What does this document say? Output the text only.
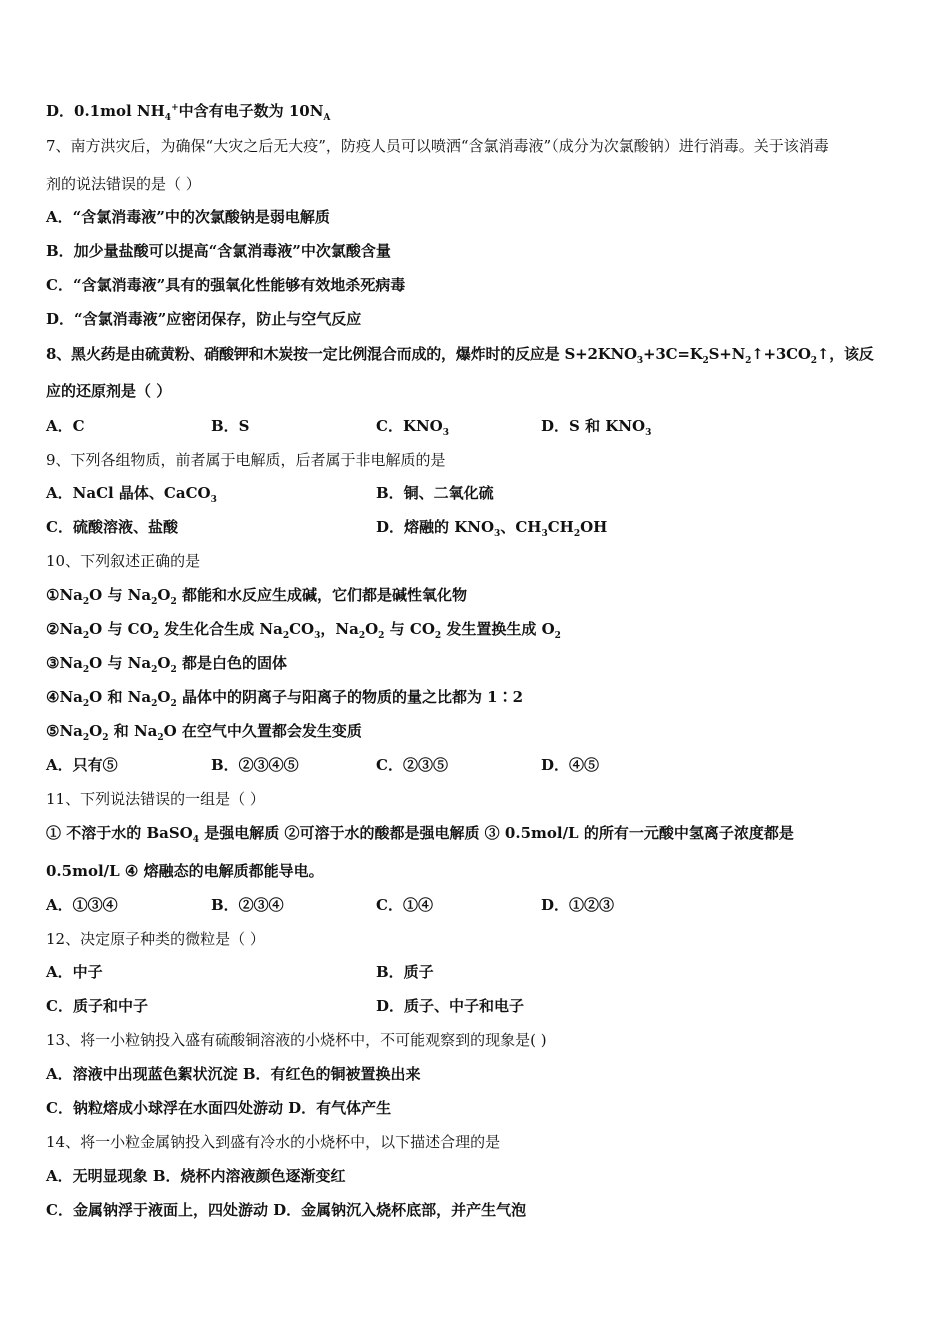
D．0.1mol $NH_4^+$中含有电子数为 $10N_A$
7、南方洪灾后，为确保“大灾之后无大疫”，防疫人员可以喷洒“含氯消毒液”（成分为次氯酸钠）进行消毒。关于该消毒
剂的说法错误的是（ ）
A．“含氯消毒液”中的次氯酸钠是弱电解质
B．加少量盐酸可以提高“含氯消毒液”中次氯酸含量
C．“含氯消毒液”具有的强氧化性能够有效地杀死病毒
D．“含氯消毒液”应密闭保存，防止与空气反应
8、黑火药是由硫黄粉、硝酸钾和木炭按一定比例混合而成的，爆炸时的反应是 $S+2KNO_3+3C=K_2S+N_2↑+3CO_2↑$，该反
应的还原剂是（ ）
A．C	B．S	C．$KNO_3$	D．S 和 $KNO_3$
9、下列各组物质，前者属于电解质，后者属于非电解质的是
A．NaCl 晶体、CaCO$_3$	B．铜、二氧化硫
C．硫酸溶液、盐酸	D．熔融的 $KNO_3$、$CH_3CH_2OH$
10、下列叙述正确的是
$①Na_2O$ 与 $Na_2O_2$ 都能和水反应生成碱，它们都是碱性氧化物
$②Na_2O$ 与 $CO_2$ 发生化合生成 $Na_2CO_3$，$Na_2O_2$ 与 $CO_2$ 发生置换生成 $O_2$
$③Na_2O$ 与 $Na_2O_2$ 都是白色的固体
$④Na_2O$ 和 $Na_2O_2$ 晶体中的阴离子与阳离子的物质的量之比都为 1∶2
$⑤Na_2O_2$ 和 $Na_2O$ 在空气中久置都会发生变质
A．只有⑤	B．②③④⑤	C．②③⑤	D．④⑤
11、下列说法错误的一组是（ ）
① 不溶于水的 BaSO$_4$ 是强电解质 ②可溶于水的酸都是强电解质 ③ 0.5mol/L 的所有一元酸中氢离子浓度都是
0.5mol/L ④ 熔融态的电解质都能导电。
A．①③④	B．②③④	C．①④	D．①②③
12、决定原子种类的微粒是（ ）
A．中子	B．质子
C．质子和中子	D．质子、中子和电子
13、将一小粒钠投入盛有硫酸铜溶液的小烧杯中，不可能观察到的现象是( )
A．溶液中出现蓝色絮状沉淀 B．有红色的铜被置换出来
C．钠粒熔成小球浮在水面四处游动 D．有气体产生
14、将一小粒金属钠投入到盛有冷水的小烧杯中，以下描述合理的是
A．无明显现象 B．烧杯内溶液颜色逐渐变红
C．金属钠浮于液面上，四处游动 D．金属钠沉入烧杯底部，并产生气泡
